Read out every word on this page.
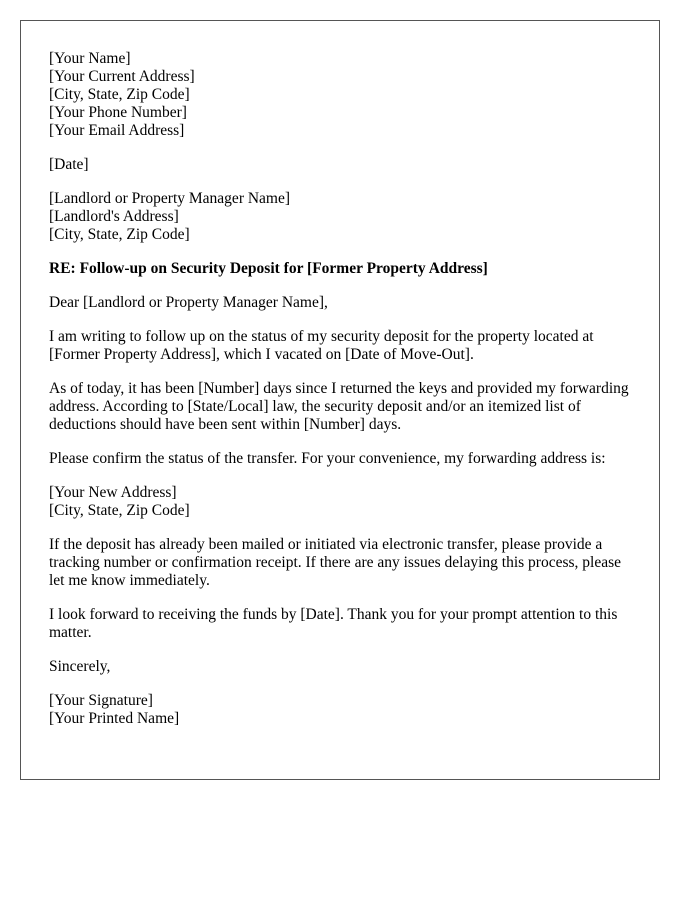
[Your Name]
[Your Current Address]
[City, State, Zip Code]
[Your Phone Number]
[Your Email Address]
[Date]
[Landlord or Property Manager Name]
[Landlord's Address]
[City, State, Zip Code]
RE: Follow-up on Security Deposit for [Former Property Address]

Dear [Landlord or Property Manager Name],

I am writing to follow up on the status of my security deposit for the property located at [Former Property Address], which I vacated on [Date of Move-Out].

As of today, it has been [Number] days since I returned the keys and provided my forwarding address. According to [State/Local] law, the security deposit and/or an itemized list of deductions should have been sent within [Number] days.

Please confirm the status of the transfer. For your convenience, my forwarding address is:

[Your New Address]
[City, State, Zip Code]

If the deposit has already been mailed or initiated via electronic transfer, please provide a tracking number or confirmation receipt. If there are any issues delaying this process, please let me know immediately.

I look forward to receiving the funds by [Date]. Thank you for your prompt attention to this matter.

Sincerely,

[Your Signature]
[Your Printed Name]
